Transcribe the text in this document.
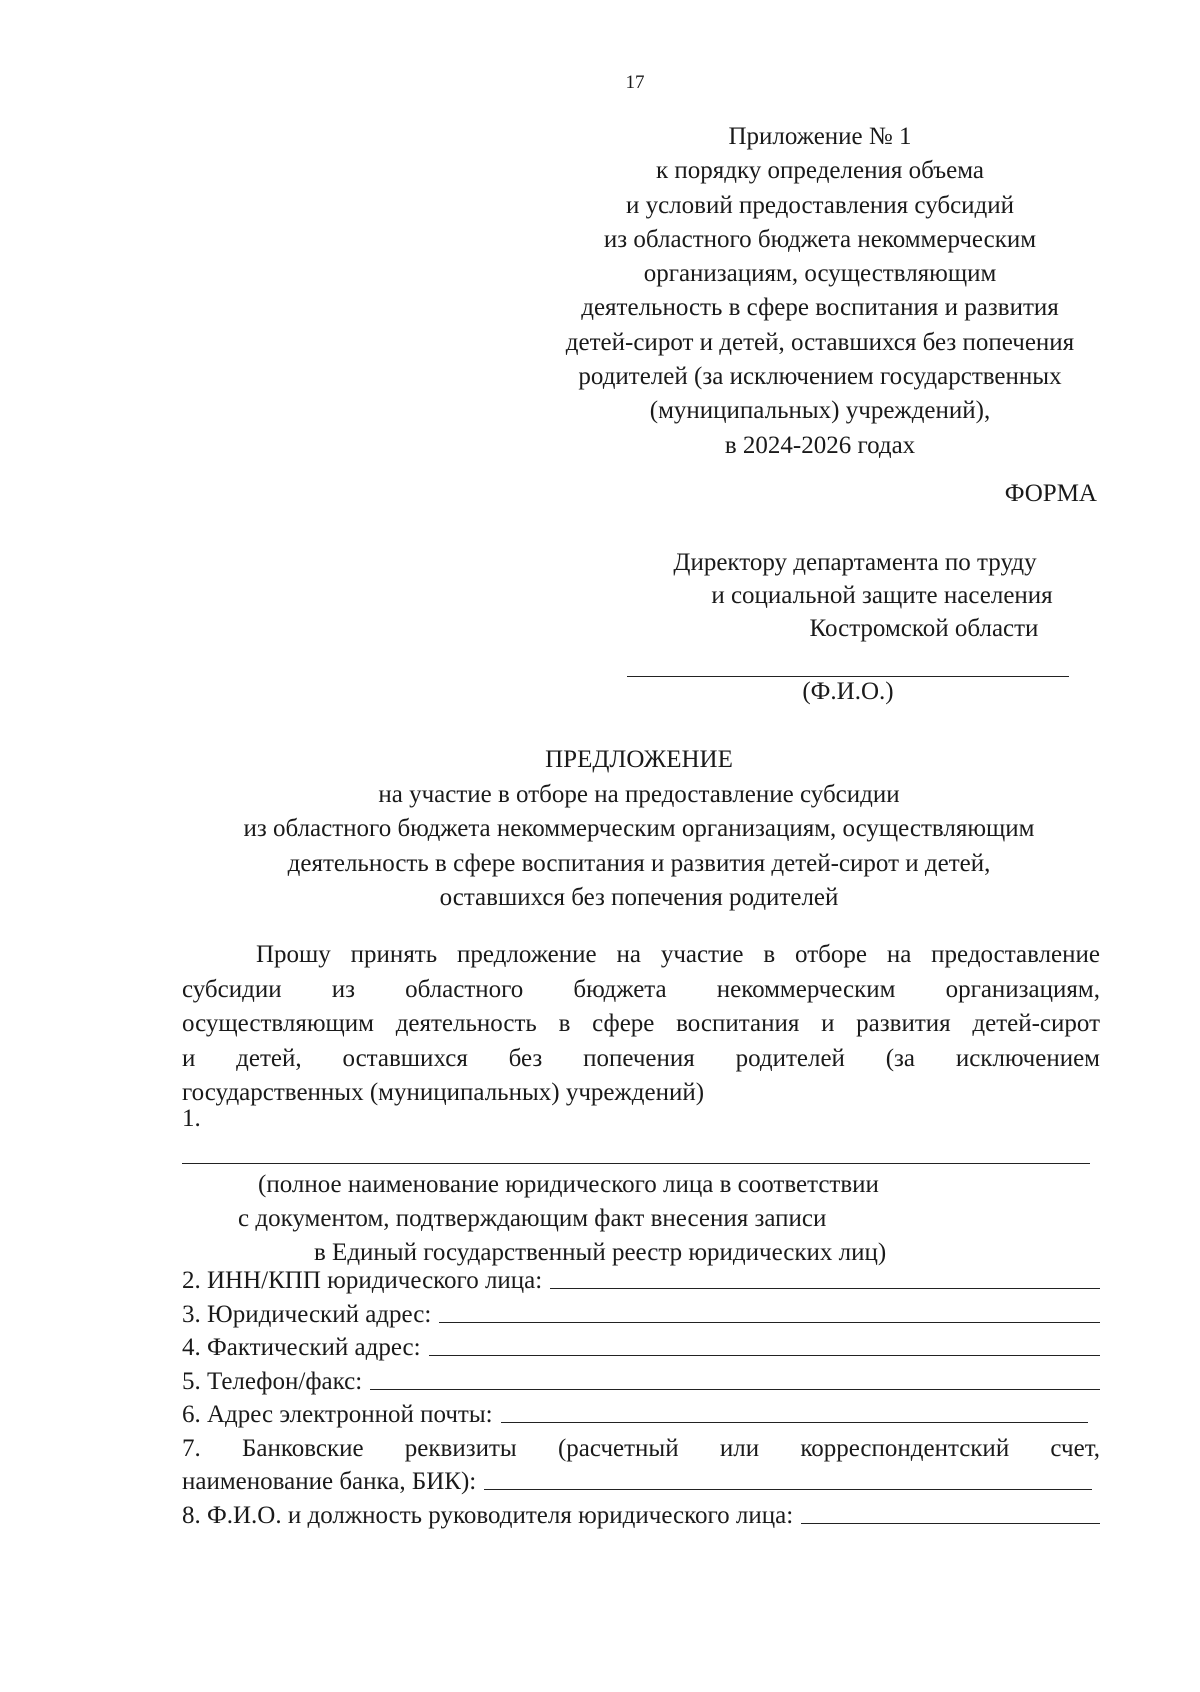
17
Приложение № 1
к порядку определения объема
и условий предоставления субсидий
из областного бюджета некоммерческим
организациям, осуществляющим
деятельность в сфере воспитания и развития
детей-сирот и детей, оставшихся без попечения
родителей (за исключением государственных
(муниципальных) учреждений),
в 2024-2026 годах
ФОРМА
Директору департамента по труду
и социальной защите населения
Костромской области
(Ф.И.О.)
ПРЕДЛОЖЕНИЕ
на участие в отборе на предоставление субсидии
из областного бюджета некоммерческим организациям, осуществляющим
деятельность в сфере воспитания и развития детей-сирот и детей,
оставшихся без попечения родителей
Прошу принять предложение на участие в отборе на предоставление
субсидии из областного бюджета некоммерческим организациям,
осуществляющим деятельность в сфере воспитания и развития детей-сирот
и детей, оставшихся без попечения родителей (за исключением
государственных (муниципальных) учреждений)
1.
(полное наименование юридического лица в соответствии
с документом, подтверждающим факт внесения записи
в Единый государственный реестр юридических лиц)
2. ИНН/КПП юридического лица:
3. Юридический адрес:
4. Фактический адрес:
5. Телефон/факс:
6. Адрес электронной почты:
7. Банковские реквизиты (расчетный или корреспондентский счет,
наименование банка, БИК):
8. Ф.И.О. и должность руководителя юридического лица:
